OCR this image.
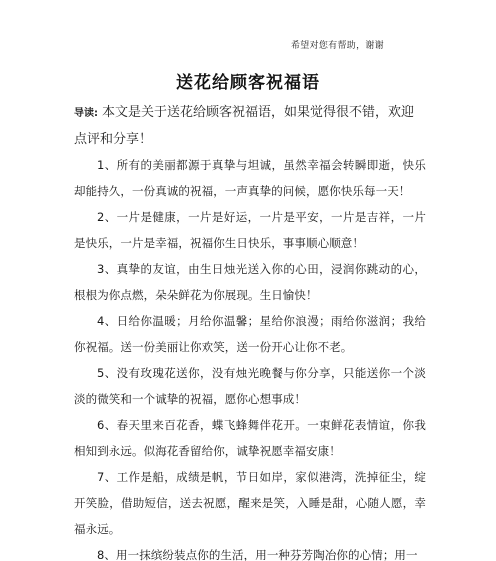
希望对您有帮助，谢谢
送花给顾客祝福语
导读: 本文是关于送花给顾客祝福语，如果觉得很不错，欢迎点评和分享！

1、所有的美丽都源于真挚与坦诚，虽然幸福会转瞬即逝，快乐却能持久，一份真诚的祝福，一声真挚的问候，愿你快乐每一天！

2、一片是健康，一片是好运，一片是平安，一片是吉祥，一片是快乐，一片是幸福，祝福你生日快乐，事事顺心顺意！

3、真挚的友谊，由生日烛光送入你的心田，浸润你跳动的心，根根为你点燃，朵朵鲜花为你展现。生日愉快！

4、日给你温暖；月给你温馨；星给你浪漫；雨给你滋润；我给你祝福。送一份美丽让你欢笑，送一份开心让你不老。

5、没有玫瑰花送你，没有烛光晚餐与你分享，只能送你一个淡淡的微笑和一个诚挚的祝福，愿你心想事成！

6、春天里来百花香，蝶飞蜂舞伴花开。一束鲜花表情谊，你我相知到永远。似海花香留给你，诚挚祝愿幸福安康！

7、工作是船，成绩是帆，节日如岸，家似港湾，洗掉征尘，绽开笑脸，借助短信，送去祝愿，醒来是笑，入睡是甜，心随人愿，幸福永远。

8、用一抹缤纷装点你的生活，用一种芬芳陶冶你的心情；用一
